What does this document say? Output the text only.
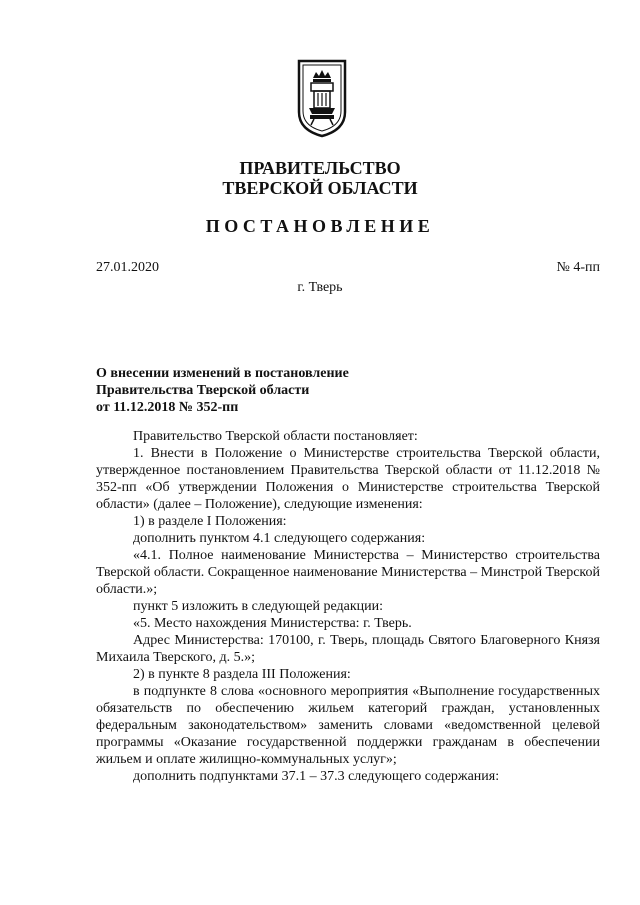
ПРАВИТЕЛЬСТВО
ТВЕРСКОЙ ОБЛАСТИ
ПОСТАНОВЛЕНИЕ
27.01.2020	№ 4-пп
г. Тверь
О внесении изменений в постановление
Правительства Тверской области
от 11.12.2018 № 352-пп

Правительство Тверской области постановляет:

1. Внести в Положение о Министерстве строительства Тверской области, утвержденное постановлением Правительства Тверской области от 11.12.2018 № 352-пп «Об утверждении Положения о Министерстве строительства Тверской области» (далее – Положение), следующие изменения:

1) в разделе I Положения:

дополнить пунктом 4.1 следующего содержания:

«4.1. Полное наименование Министерства – Министерство строительства Тверской области. Сокращенное наименование Министерства – Минстрой Тверской области.»;

пункт 5 изложить в следующей редакции:

«5. Место нахождения Министерства: г. Тверь.

Адрес Министерства: 170100, г. Тверь, площадь Святого Благоверного Князя Михаила Тверского, д. 5.»;

2) в пункте 8 раздела III Положения:

в подпункте 8 слова «основного мероприятия «Выполнение государственных обязательств по обеспечению жильем категорий граждан, установленных федеральным законодательством» заменить словами «ведомственной целевой программы «Оказание государственной поддержки гражданам в обеспечении жильем и оплате жилищно-коммунальных услуг»;

дополнить подпунктами 37.1 – 37.3 следующего содержания:
